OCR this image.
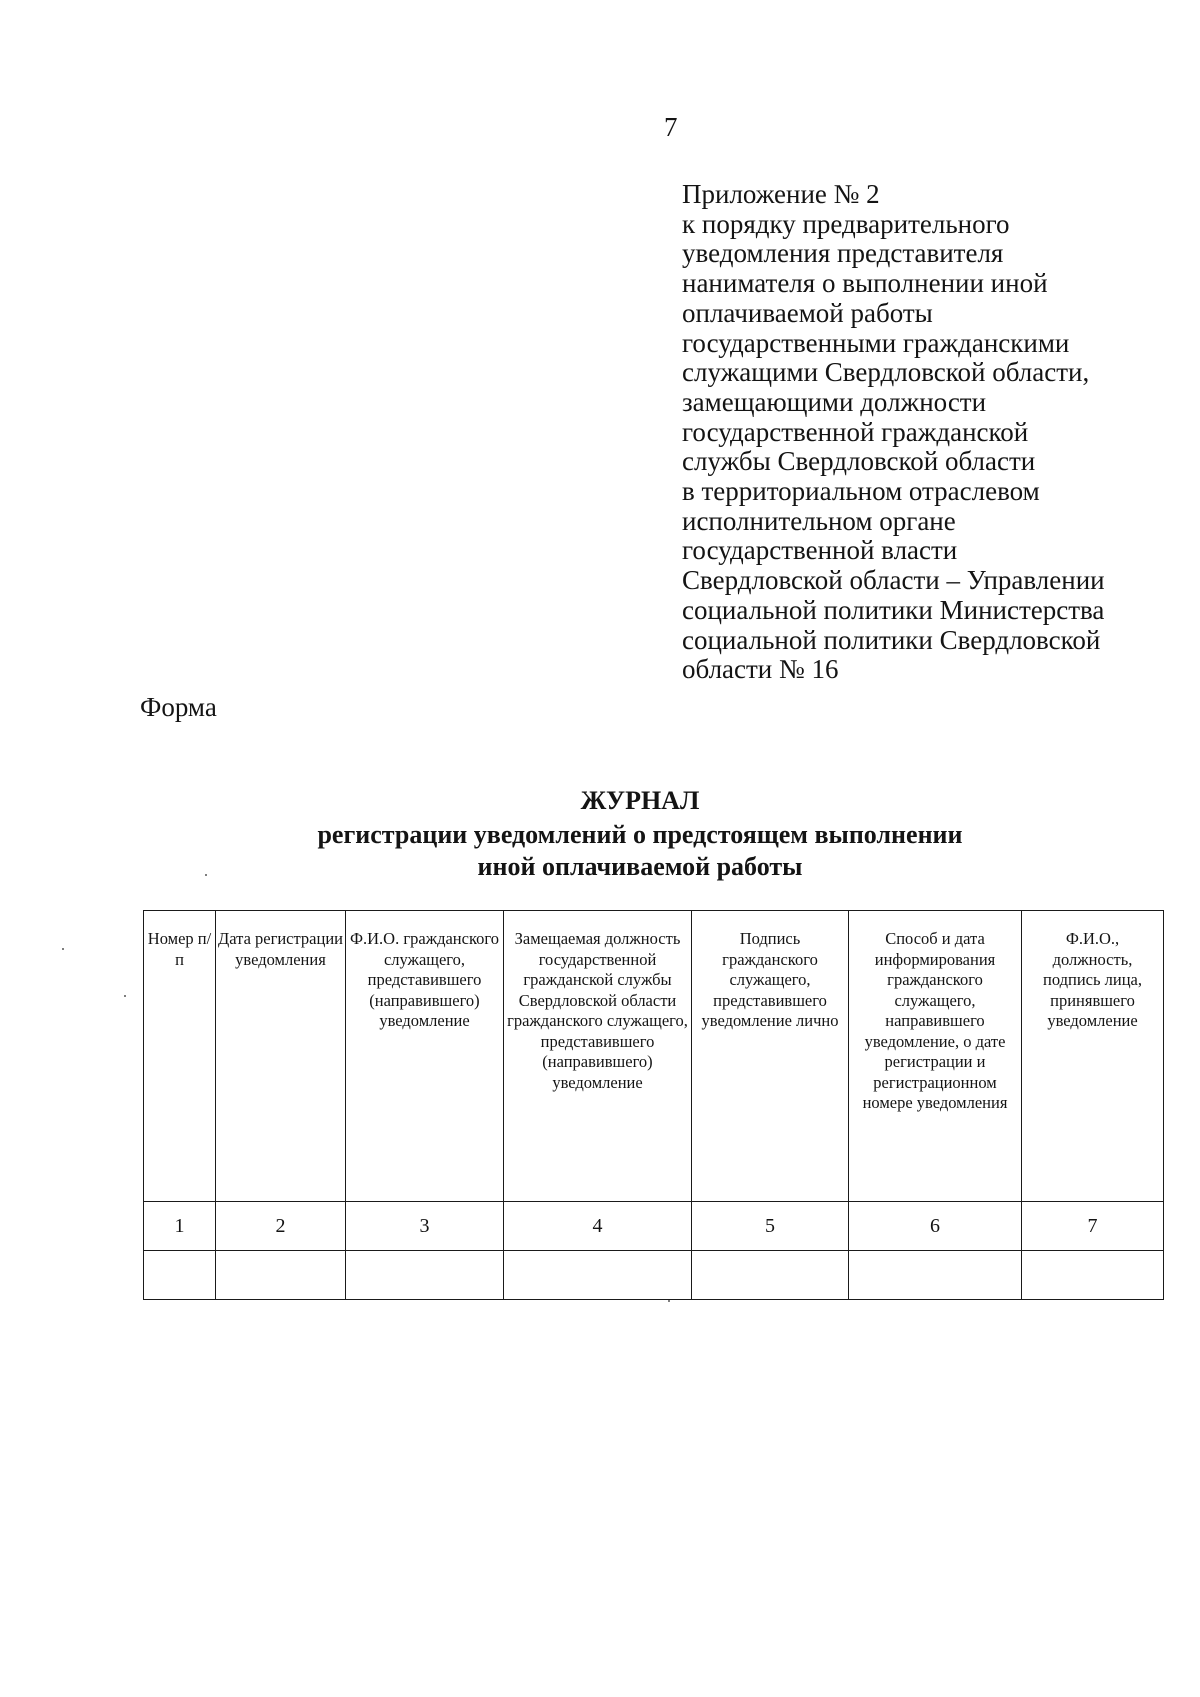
7
Приложение № 2
к порядку предварительного
уведомления представителя
нанимателя о выполнении иной
оплачиваемой работы
государственными гражданскими
служащими Свердловской области,
замещающими должности
государственной гражданской
службы Свердловской области
в территориальном отраслевом
исполнительном органе
государственной власти
Свердловской области – Управлении
социальной политики Министерства
социальной политики Свердловской
области № 16
Форма
ЖУРНАЛ
регистрации уведомлений о предстоящем выполнении
иной оплачиваемой работы
Номер п/п	Дата регистрации уведомления	Ф.И.О. гражданского служащего, представившего (направившего) уведомление	Замещаемая должность государственной гражданской службы Свердловской области гражданского служащего, представившего (направившего) уведомление	Подпись гражданского служащего, представившего уведомление лично	Способ и дата информирования гражданского служащего, направившего уведомление, о дате регистрации и регистрационном номере уведомления	Ф.И.О., должность, подпись лица, принявшего уведомление

1	2	3	4	5	6	7
